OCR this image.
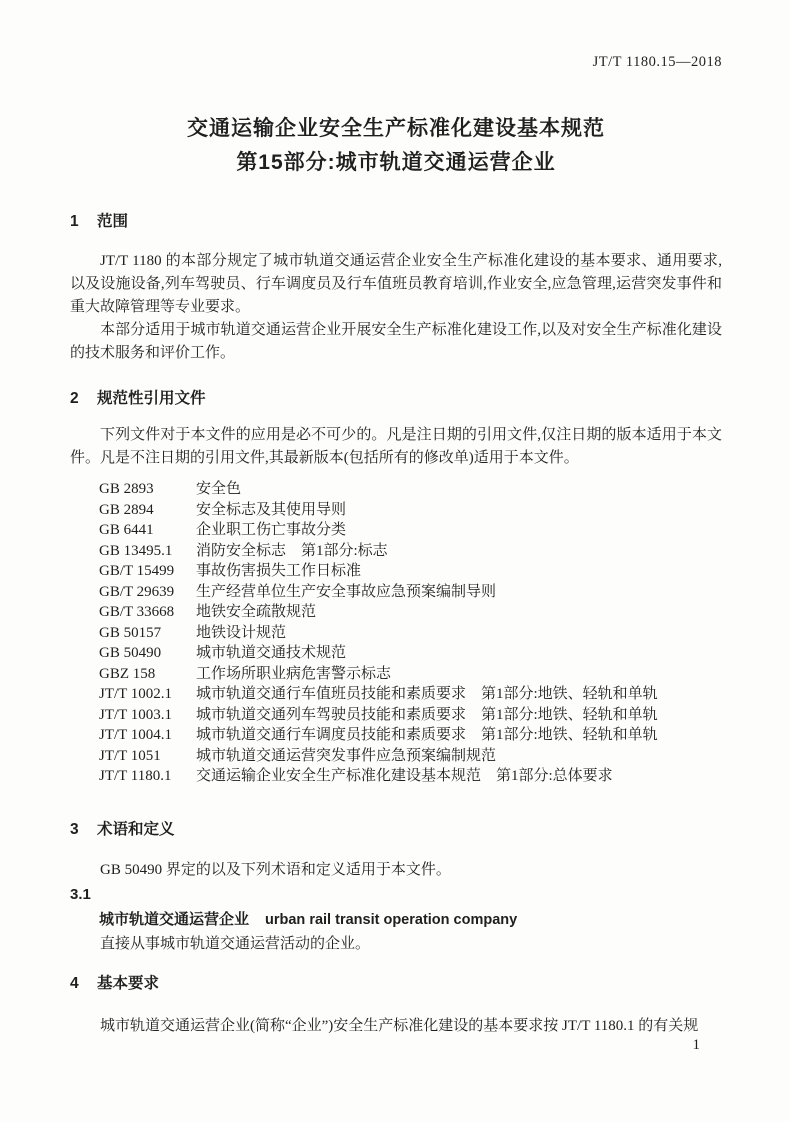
JT/T 1180.15—2018
交通运输企业安全生产标准化建设基本规范
第15部分:城市轨道交通运营企业
1 范围

JT/T 1180 的本部分规定了城市轨道交通运营企业安全生产标准化建设的基本要求、通用要求,以及设施设备,列车驾驶员、行车调度员及行车值班员教育培训,作业安全,应急管理,运营突发事件和重大故障管理等专业要求。

本部分适用于城市轨道交通运营企业开展安全生产标准化建设工作,以及对安全生产标准化建设的技术服务和评价工作。

2 规范性引用文件

下列文件对于本文件的应用是必不可少的。凡是注日期的引用文件,仅注日期的版本适用于本文件。凡是不注日期的引用文件,其最新版本(包括所有的修改单)适用于本文件。

GB 2893	安全色
GB 2894	安全标志及其使用导则
GB 6441	企业职工伤亡事故分类
GB 13495.1	消防安全标志　第1部分:标志
GB/T 15499	事故伤害损失工作日标准
GB/T 29639	生产经营单位生产安全事故应急预案编制导则
GB/T 33668	地铁安全疏散规范
GB 50157	地铁设计规范
GB 50490	城市轨道交通技术规范
GBZ 158	工作场所职业病危害警示标志
JT/T 1002.1	城市轨道交通行车值班员技能和素质要求　第1部分:地铁、轻轨和单轨
JT/T 1003.1	城市轨道交通列车驾驶员技能和素质要求　第1部分:地铁、轻轨和单轨
JT/T 1004.1	城市轨道交通行车调度员技能和素质要求　第1部分:地铁、轻轨和单轨
JT/T 1051	城市轨道交通运营突发事件应急预案编制规范
JT/T 1180.1	交通运输企业安全生产标准化建设基本规范　第1部分:总体要求
3 术语和定义

GB 50490 界定的以及下列术语和定义适用于本文件。

3.1
城市轨道交通运营企业 urban rail transit operation company

直接从事城市轨道交通运营活动的企业。

4 基本要求

城市轨道交通运营企业(简称“企业”)安全生产标准化建设的基本要求按 JT/T 1180.1 的有关规

1
